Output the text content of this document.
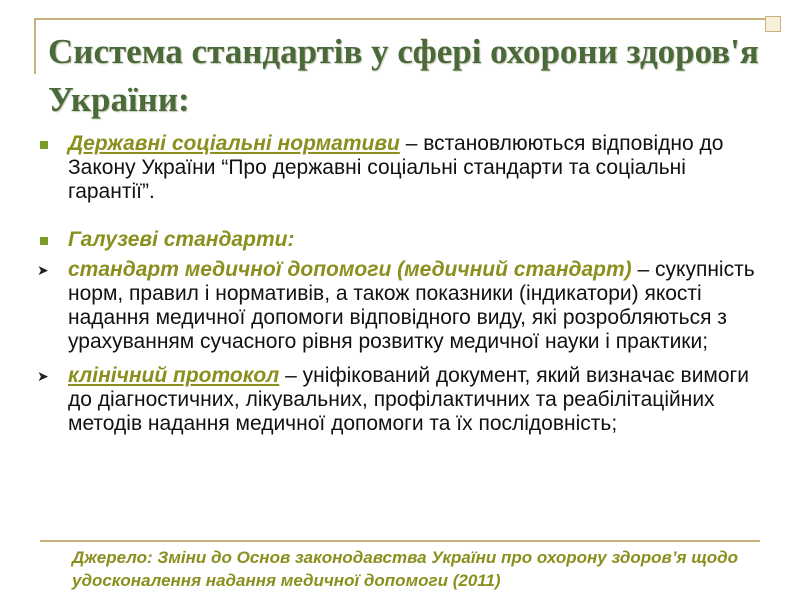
Система стандартів у сфері охорони здоров'я України:
Державні соціальні нормативи – встановлюються відповідно до Закону України “Про державні соціальні стандарти та соціальні гарантії”.
Галузеві стандарти:
➤ стандарт медичної допомоги (медичний стандарт) – сукупність норм, правил і нормативів, а також показники (індикатори) якості надання медичної допомоги відповідного виду, які розробляються з урахуванням сучасного рівня розвитку медичної науки і практики;
➤ клінічний протокол – уніфікований документ, який визначає вимоги до діагностичних, лікувальних, профілактичних та реабілітаційних методів надання медичної допомоги та їх послідовність;
Джерело: Зміни до Основ законодавства України про охорону здоров’я щодо удосконалення надання медичної допомоги (2011)
